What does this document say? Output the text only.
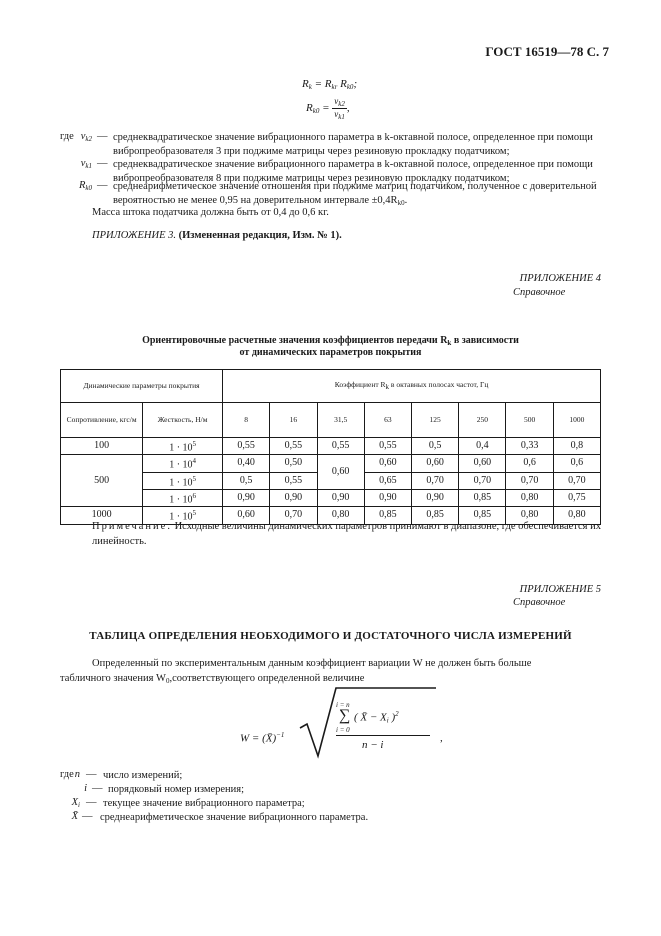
ГОСТ 16519—78 С. 7
$R_k = R_{kr}$ $R_{k0}$;
$R_{k0} = \frac{v_{k2}}{v_{k1}}$ ,
где $v_{k2}$ — среднеквадратическое значение вибрационного параметра в k-октавной полосе, определенное при помощи вибропреобразователя 3 при поджиме матрицы через резиновую прокладку податчиком;
$v_{k1}$ — среднеквадратическое значение вибрационного параметра в k-октавной полосе, определенное при помощи вибропреобразователя 8 при поджиме матрицы через резиновую прокладку податчиком;
$R_{k0}$ — среднеарифметическое значение отношения при поджиме матриц податчиком, полученное с доверительной вероятностью не менее 0,95 на доверительном интервале $\pm 0,4R_{k0}$.
Масса штока податчика должна быть от 0,4 до 0,6 кг.
ПРИЛОЖЕНИЕ 3. (Измененная редакция, Изм. № 1).
ПРИЛОЖЕНИЕ 4
Справочное
Ориентировочные расчетные значения коэффициентов передачи $R_k$ в зависимости
от динамических параметров покрытия
Динамические параметры покрытия		Коэффициент Rk в октавных полосах частот, Гц							
Сопротивление, кгс/м	Жесткость, Н/м	8	16	31,5	63	125	250	500	1000
100	$1 \cdot 10^5$	0,55	0,55	0,55	0,55	0,5	0,4	0,33	0,8
500	$1 \cdot 10^4$	0,40	0,50	0,60	0,60	0,60	0,60	0,6	0,6
	$1 \cdot 10^5$	0,5	0,55		0,65	0,70	0,70	0,70	0,70
	$1 \cdot 10^6$	0,90	0,90	0,90	0,90	0,90	0,85	0,80	0,75
1000	$1 \cdot 10^5$	0,60	0,70	0,80	0,85	0,85	0,85	0,80	0,80
Примечание. Исходные величины динамических параметров принимают в диапазоне, где обеспечивается их линейность.
ПРИЛОЖЕНИЕ 5
Справочное
ТАБЛИЦА ОПРЕДЕЛЕНИЯ НЕОБХОДИМОГО И ДОСТАТОЧНОГО ЧИСЛА ИЗМЕРЕНИЙ
Определенный по экспериментальным данным коэффициент вариации W не должен быть больше
табличного значения $W_0,соответствующего$ определенной величине
W = (X̄)$^{-1}$
i = n
∑ ( X̄ − $X_i$ )$^2$
i = 0
n − i
,
где n — число измерений;
i — порядковый номер измерения;
$X_i$ — текущее значение вибрационного параметра;
X̄ — среднеарифметическое значение вибрационного параметра.
